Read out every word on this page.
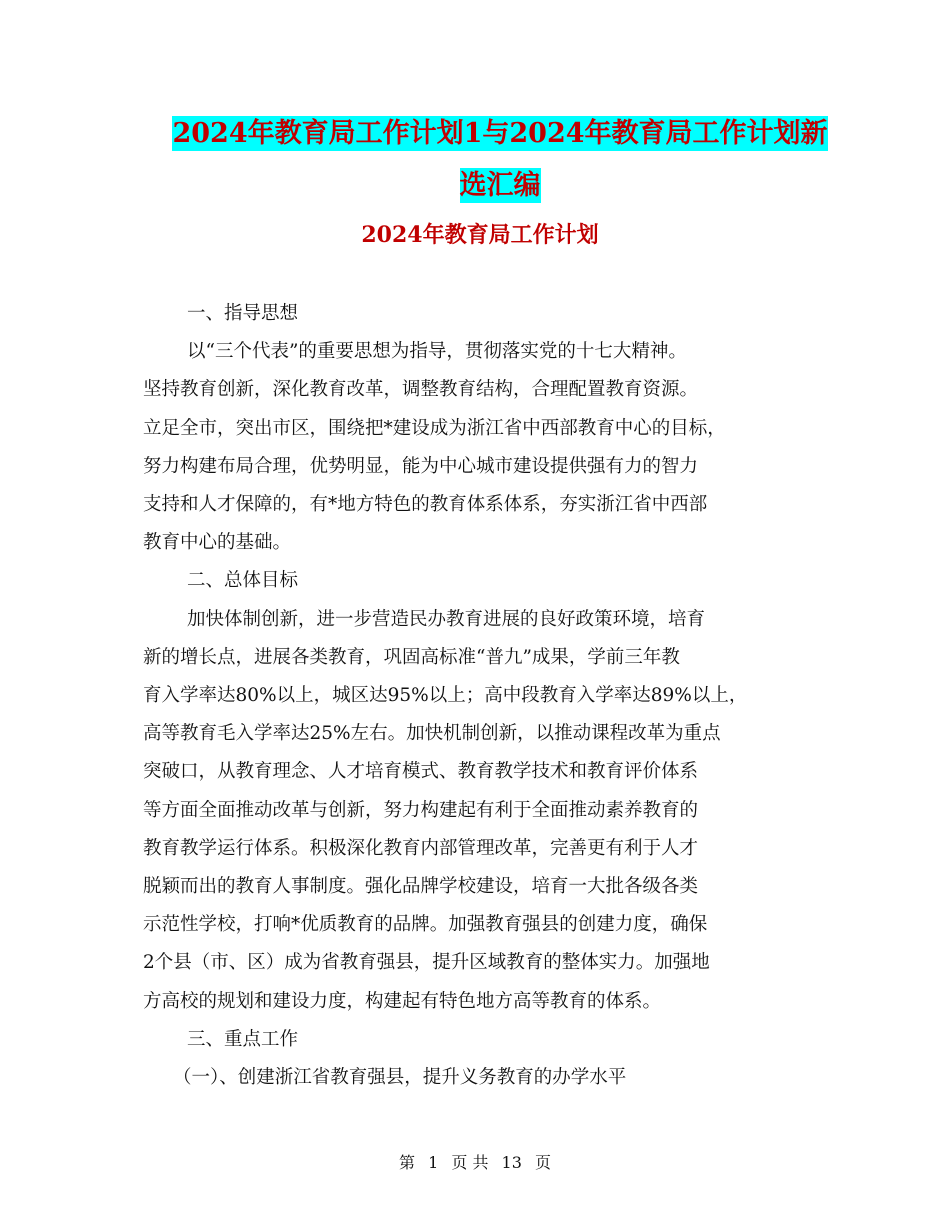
2024年教育局工作计划1与2024年教育局工作计划新
选汇编
2024年教育局工作计划

一、指导思想

以“三个代表”的重要思想为指导，贯彻落实党的十七大精神。
坚持教育创新，深化教育改革，调整教育结构，合理配置教育资源。
立足全市，突出市区，围绕把*建设成为浙江省中西部教育中心的目标，
努力构建布局合理，优势明显，能为中心城市建设提供强有力的智力
支持和人才保障的，有*地方特色的教育体系体系，夯实浙江省中西部
教育中心的基础。

二、总体目标

加快体制创新，进一步营造民办教育进展的良好政策环境，培育
新的增长点，进展各类教育，巩固高标准“普九”成果，学前三年教
育入学率达80%以上，城区达95%以上；高中段教育入学率达89%以上，
高等教育毛入学率达25%左右。加快机制创新，以推动课程改革为重点
突破口，从教育理念、人才培育模式、教育教学技术和教育评价体系
等方面全面推动改革与创新，努力构建起有利于全面推动素养教育的
教育教学运行体系。积极深化教育内部管理改革，完善更有利于人才
脱颖而出的教育人事制度。强化品牌学校建设，培育一大批各级各类
示范性学校，打响*优质教育的品牌。加强教育强县的创建力度，确保
2个县（市、区）成为省教育强县，提升区域教育的整体实力。加强地
方高校的规划和建设力度，构建起有特色地方高等教育的体系。

三、重点工作

（一）、创建浙江省教育强县，提升义务教育的办学水平

第 1 页 共 13 页
